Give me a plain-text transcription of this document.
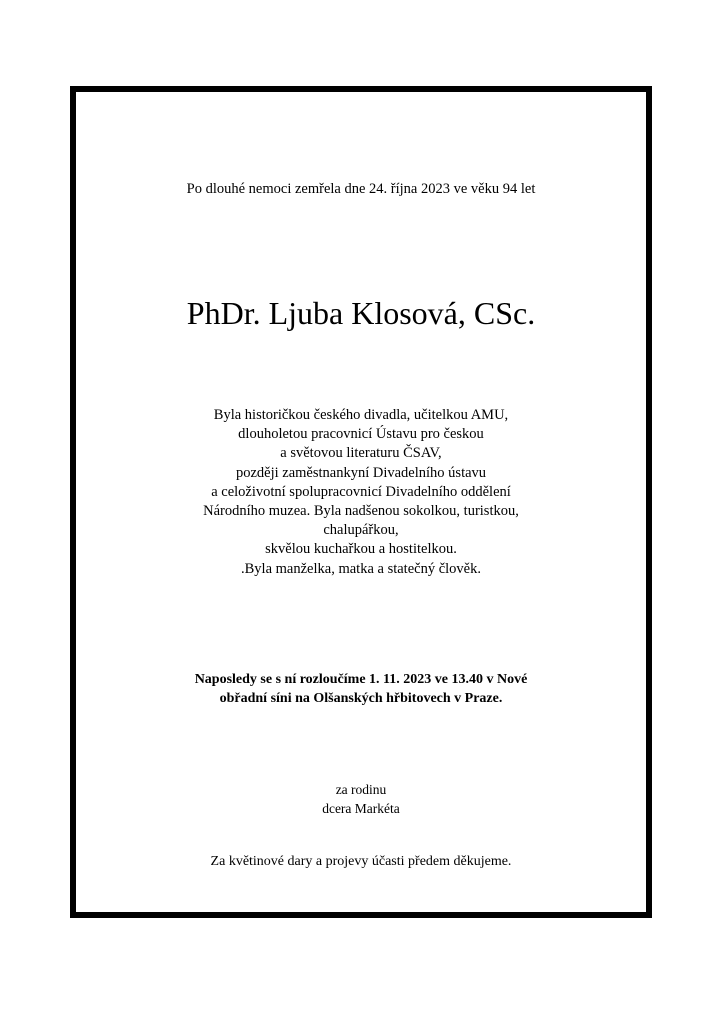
Po dlouhé nemoci zemřela dne 24. října 2023 ve věku 94 let
PhDr. Ljuba Klosová, CSc.
Byla historičkou českého divadla, učitelkou AMU,
dlouholetou pracovnicí Ústavu pro českou
a světovou literaturu ČSAV,
později zaměstnankyní Divadelního ústavu
a celoživotní spolupracovnicí Divadelního oddělení
Národního muzea. Byla nadšenou sokolkou, turistkou,
chalupářkou,
skvělou kuchařkou a hostitelkou.
.Byla manželka, matka a statečný člověk.
Naposledy se s ní rozloučíme 1. 11. 2023 ve 13.40 v Nové
obřadní síni na Olšanských hřbitovech v Praze.
za rodinu
dcera Markéta
Za květinové dary a projevy účasti předem děkujeme.
